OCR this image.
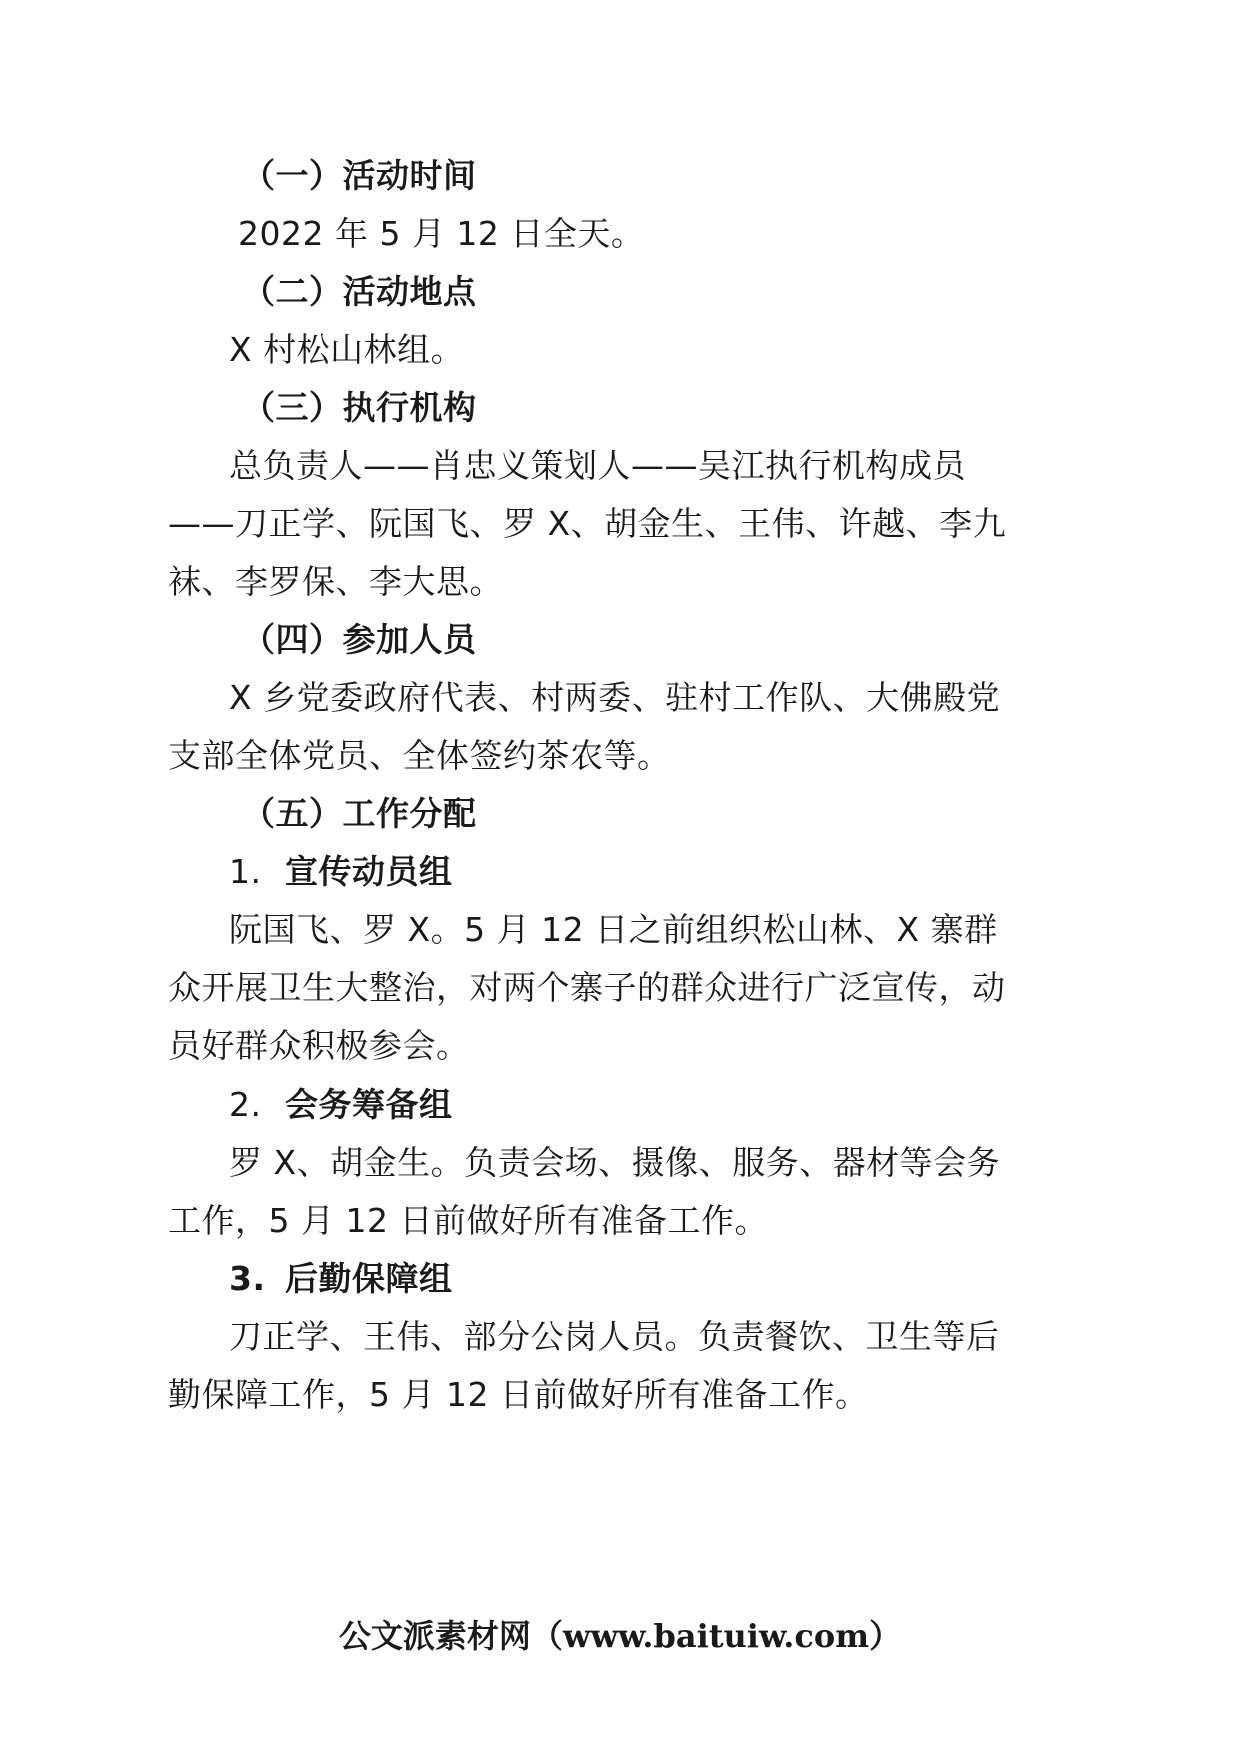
（一）活动时间
2022 年 5 月 12 日全天。
（二）活动地点
X 村松山林组。
（三）执行机构
总负责人——肖忠义策划人——吴江执行机构成员
——刀正学、阮国飞、罗 X、胡金生、王伟、许越、李九
袜、李罗保、李大思。
（四）参加人员
X 乡党委政府代表、村两委、驻村工作队、大佛殿党
支部全体党员、全体签约茶农等。
（五）工作分配
1. 宣传动员组
阮国飞、罗 X。5 月 12 日之前组织松山林、X 寨群
众开展卫生大整治，对两个寨子的群众进行广泛宣传，动
员好群众积极参会。
2. 会务筹备组
罗 X、胡金生。负责会场、摄像、服务、器材等会务
工作，5 月 12 日前做好所有准备工作。
3. 后勤保障组
刀正学、王伟、部分公岗人员。负责餐饮、卫生等后
勤保障工作，5 月 12 日前做好所有准备工作。
公文派素材网（www.baituiw.com）
